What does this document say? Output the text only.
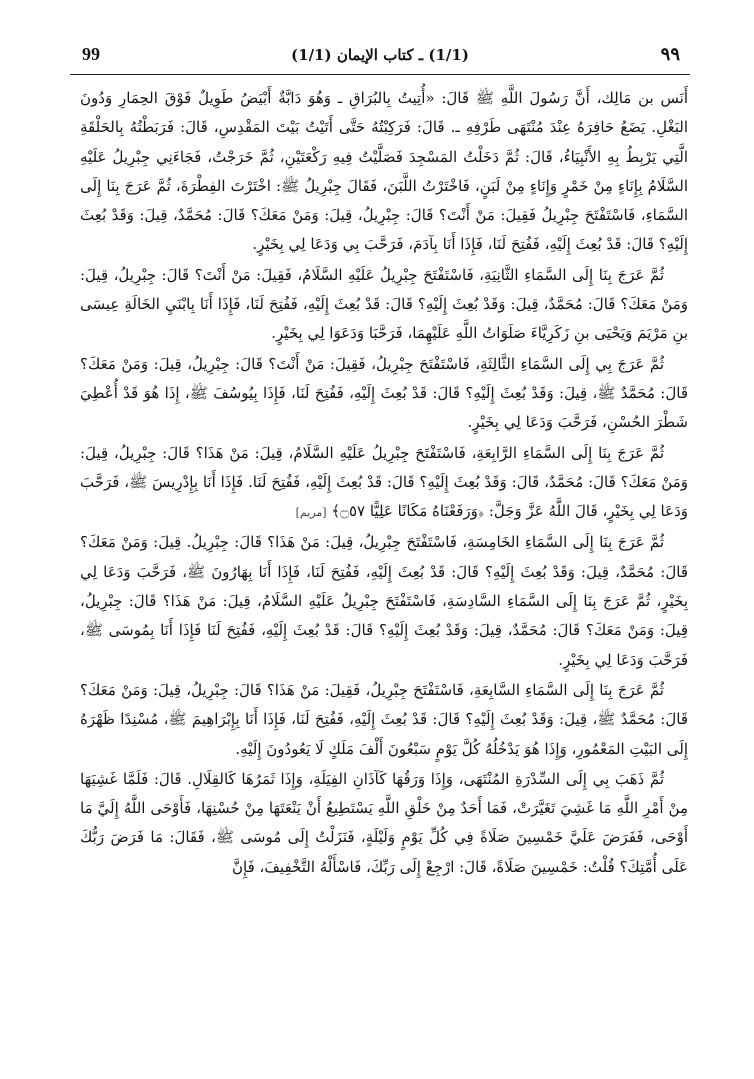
99	(1/1) ـ كتاب الإيمان (1/1)	٩٩

أَنَس بن مَالِك، أَنَّ رَسُولَ اللَّهِ ﷺ قَالَ: «أُتِيتُ بِالبُرَاقِ ـ وَهُوَ دَابَّةٌ أَبْيَضُ طَوِيلٌ فَوْقَ الحِمَارِ وَدُونَ البَغْلِ. يَضَعُ حَافِرَهُ عِنْدَ مُنْتَهَى طَرْفِهِ ـ. قَالَ: فَرَكِبْتُهُ حَتَّى أَتَيْتُ بَيْتَ المَقْدِسِ، قَالَ: فَرَبَطْتُهُ بِالحَلْقَةِ الَّتِي يَرْبِطُ بِهِ الأَنْبِيَاءُ، قَالَ: ثُمَّ دَخَلْتُ المَسْجِدَ فَصَلَّيْتُ فِيهِ رَكْعَتَيْنِ، ثُمَّ خَرَجْتُ، فَجَاءَنِي جِبْرِيلُ عَلَيْهِ السَّلَامُ بِإِنَاءٍ مِنْ خَمْرٍ وَإِنَاءٍ مِنْ لَبَنٍ، فَاخْتَرْتُ اللَّبَنَ، فَقَالَ جِبْرِيلُ ﷺ: اخْتَرْتَ الفِطْرَةَ، ثُمَّ عَرَجَ بِنَا إِلَى السَّمَاءِ، فَاسْتَفْتَحَ جِبْرِيلُ فَقِيلَ: مَنْ أَنْتَ؟ قَالَ: جِبْرِيلُ، قِيلَ: وَمَنْ مَعَكَ؟ قَالَ: مُحَمَّدٌ، قِيلَ: وَقَدْ بُعِثَ إِلَيْهِ؟ قَالَ: قَدْ بُعِثَ إِلَيْهِ، فَفُتِحَ لَنَا، فَإِذَا أَنَا بِآدَمَ، فَرَحَّبَ بِي وَدَعَا لِي بِخَيْرٍ.

ثُمَّ عَرَجَ بِنَا إِلَى السَّمَاءِ الثَّانِيَةِ، فَاسْتَفْتَحَ جِبْرِيلُ عَلَيْهِ السَّلَامُ، فَقِيلَ: مَنْ أَنْتَ؟ قَالَ: جِبْرِيلُ، قِيلَ: وَمَنْ مَعَكَ؟ قَالَ: مُحَمَّدٌ، قِيلَ: وَقَدْ بُعِثَ إِلَيْهِ؟ قَالَ: قَدْ بُعِثَ إِلَيْهِ، فَفُتِحَ لَنَا، فَإِذَا أَنَا بِابْنَيِ الخَالَةِ عِيسَى بنِ مَرْيَمَ وَيَحْيَى بنِ زَكَرِيَّاءَ صَلَوَاتُ اللَّهِ عَلَيْهِمَا، فَرَحَّبَا وَدَعَوَا لِي بِخَيْرٍ.

ثُمَّ عَرَجَ بِي إِلَى السَّمَاءِ الثَّالِثَةِ، فَاسْتَفْتَحَ جِبْرِيلُ، فَقِيلَ: مَنْ أَنْتَ؟ قَالَ: جِبْرِيلُ، قِيلَ: وَمَنْ مَعَكَ؟ قَالَ: مُحَمَّدٌ ﷺ، قِيلَ: وَقَدْ بُعِثَ إِلَيْهِ؟ قَالَ: قَدْ بُعِثَ إِلَيْهِ، فَفُتِحَ لَنَا، فَإِذَا بِيُوسُفَ ﷺ، إِذَا هُوَ قَدْ أُعْطِيَ شَطْرَ الحُسْنِ، فَرَحَّبَ وَدَعَا لِي بِخَيْرٍ.

ثُمَّ عَرَجَ بِنَا إِلَى السَّمَاءِ الرَّابِعَةِ، فَاسْتَفْتَحَ جِبْرِيلُ عَلَيْهِ السَّلَامُ، قِيلَ: مَنْ هَذَا؟ قَالَ: جِبْرِيلُ، قِيلَ: وَمَنْ مَعَكَ؟ قَالَ: مُحَمَّدٌ، قَالَ: وَقَدْ بُعِثَ إِلَيْهِ؟ قَالَ: قَدْ بُعِثَ إِلَيْهِ، فَفُتِحَ لَنَا. فَإِذَا أَنَا بِإِدْرِيسَ ﷺ، فَرَحَّبَ وَدَعَا لِي بِخَيْرٍ، قَالَ اللَّهُ عَزَّ وَجَلَّ: ﴿وَرَفَعْنَاهُ مَكَانًا عَلِيًّا ۝٥٧﴾ [مريم]

ثُمَّ عَرَجَ بِنَا إِلَى السَّمَاءِ الخَامِسَةِ، فَاسْتَفْتَحَ جِبْرِيلُ، قِيلَ: مَنْ هَذَا؟ قَالَ: جِبْرِيلُ. قِيلَ: وَمَنْ مَعَكَ؟ قَالَ: مُحَمَّدٌ، قِيلَ: وَقَدْ بُعِثَ إِلَيْهِ؟ قَالَ: قَدْ بُعِثَ إِلَيْهِ، فَفُتِحَ لَنَا، فَإِذَا أَنَا بِهَارُونَ ﷺ، فَرَحَّبَ وَدَعَا لِي بِخَيْرٍ، ثُمَّ عَرَجَ بِنَا إِلَى السَّمَاءِ السَّادِسَةِ، فَاسْتَفْتَحَ جِبْرِيلُ عَلَيْهِ السَّلَامُ، قِيلَ: مَنْ هَذَا؟ قَالَ: جِبْرِيلُ، قِيلَ: وَمَنْ مَعَكَ؟ قَالَ: مُحَمَّدٌ، قِيلَ: وَقَدْ بُعِثَ إِلَيْهِ؟ قَالَ: قَدْ بُعِثَ إِلَيْهِ، فَفُتِحَ لَنَا فَإِذَا أَنَا بِمُوسَى ﷺ، فَرَحَّبَ وَدَعَا لِي بِخَيْرٍ.

ثُمَّ عَرَجَ بِنَا إِلَى السَّمَاءِ السَّابِعَةِ، فَاسْتَفْتَحَ جِبْرِيلُ، فَقِيلَ: مَنْ هَذَا؟ قَالَ: جِبْرِيلُ، قِيلَ: وَمَنْ مَعَكَ؟ قَالَ: مُحَمَّدٌ ﷺ، قِيلَ: وَقَدْ بُعِثَ إِلَيْهِ؟ قَالَ: قَدْ بُعِثَ إِلَيْهِ، فَفُتِحَ لَنَا، فَإِذَا أَنَا بِإِبْرَاهِيمَ ﷺ، مُسْنِدًا ظَهْرَهُ إِلَى البَيْتِ المَعْمُورِ، وَإِذَا هُوَ يَدْخُلُهُ كُلَّ يَوْمٍ سَبْعُونَ أَلْفَ مَلَكٍ لَا يَعُودُونَ إِلَيْهِ.

ثُمَّ ذَهَبَ بِي إِلَى السِّدْرَةِ المُنْتَهَى، وَإِذَا وَرَقُهَا كَآذَانِ الفِيَلَةِ، وَإِذَا ثَمَرُهَا كَالقِلَالِ. قَالَ: فَلَمَّا غَشِيَهَا مِنْ أَمْرِ اللَّهِ مَا غَشِيَ تَغَيَّرَتْ، فَمَا أَحَدٌ مِنْ خَلْقِ اللَّهِ يَسْتَطِيعُ أَنْ يَنْعَتَهَا مِنْ حُسْنِهَا، فَأَوْحَى اللَّهُ إِلَيَّ مَا أَوْحَى، فَفَرَضَ عَلَيَّ خَمْسِينَ صَلَاةً فِي كُلِّ يَوْمٍ وَلَيْلَةٍ، فَنَزَلْتُ إِلَى مُوسَى ﷺ، فَقَالَ: مَا فَرَضَ رَبُّكَ عَلَى أُمَّتِكَ؟ قُلْتُ: خَمْسِينَ صَلَاةً، قَالَ: ارْجِعْ إِلَى رَبِّكَ، فَاسْأَلْهُ التَّخْفِيفَ، فَإِنَّ
